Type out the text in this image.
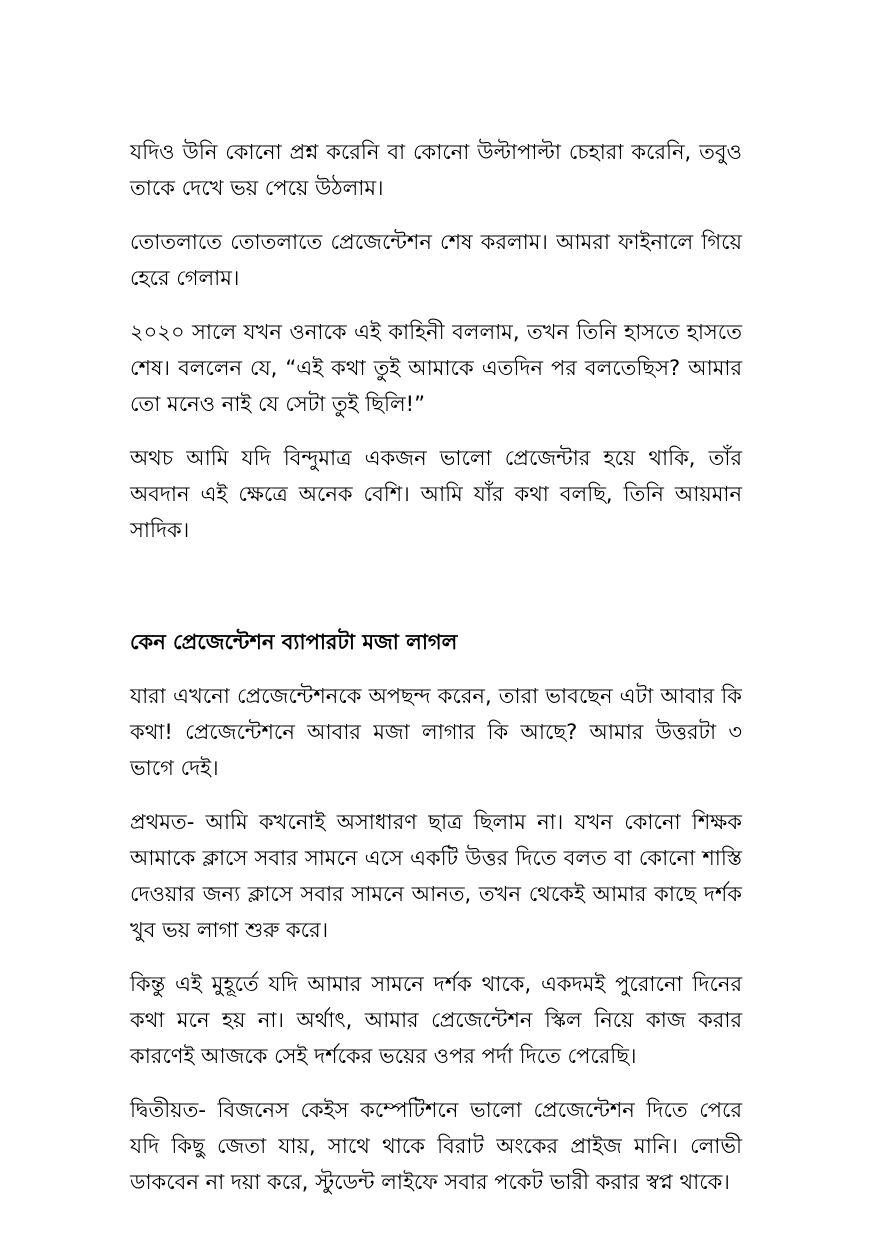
যদিও উনি কোনো প্রশ্ন করেনি বা কোনো উল্টাপাল্টা চেহারা করেনি, তবুও তাকে দেখে ভয় পেয়ে উঠলাম।

তোতলাতে তোতলাতে প্রেজেন্টেশন শেষ করলাম। আমরা ফাইনালে গিয়ে হেরে গেলাম।

২০২০ সালে যখন ওনাকে এই কাহিনী বললাম, তখন তিনি হাসতে হাসতে শেষ। বললেন যে, “এই কথা তুই আমাকে এতদিন পর বলতেছিস? আমার তো মনেও নাই যে সেটা তুই ছিলি!”

অথচ আমি যদি বিন্দুমাত্র একজন ভালো প্রেজেন্টার হয়ে থাকি, তাঁর অবদান এই ক্ষেত্রে অনেক বেশি। আমি যাঁর কথা বলছি, তিনি আয়মান সাদিক।

কেন প্রেজেন্টেশন ব্যাপারটা মজা লাগল

যারা এখনো প্রেজেন্টেশনকে অপছন্দ করেন, তারা ভাবছেন এটা আবার কি কথা! প্রেজেন্টেশনে আবার মজা লাগার কি আছে? আমার উত্তরটা ৩ ভাগে দেই।

প্রথমত- আমি কখনোই অসাধারণ ছাত্র ছিলাম না। যখন কোনো শিক্ষক আমাকে ক্লাসে সবার সামনে এসে একটি উত্তর দিতে বলত বা কোনো শাস্তি দেওয়ার জন্য ক্লাসে সবার সামনে আনত, তখন থেকেই আমার কাছে দর্শক খুব ভয় লাগা শুরু করে।

কিন্তু এই মুহূর্তে যদি আমার সামনে দর্শক থাকে, একদমই পুরোনো দিনের কথা মনে হয় না। অর্থাৎ, আমার প্রেজেন্টেশন স্কিল নিয়ে কাজ করার কারণেই আজকে সেই দর্শকের ভয়ের ওপর পর্দা দিতে পেরেছি।

দ্বিতীয়ত- বিজনেস কেইস কম্পেটিশনে ভালো প্রেজেন্টেশন দিতে পেরে যদি কিছু জেতা যায়, সাথে থাকে বিরাট অংকের প্রাইজ মানি। লোভী ডাকবেন না দয়া করে, স্টুডেন্ট লাইফে সবার পকেট ভারী করার স্বপ্ন থাকে।
